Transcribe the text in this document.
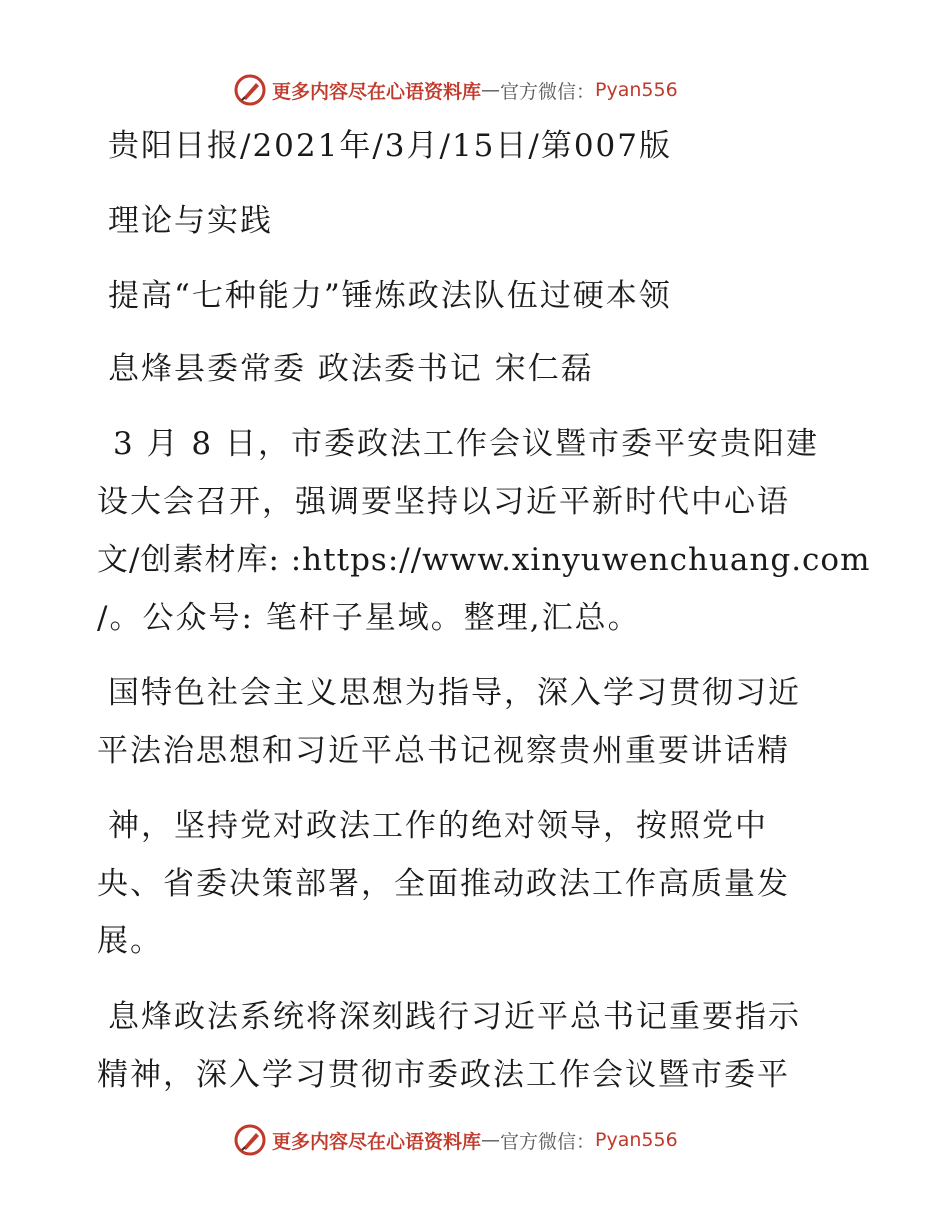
更多内容尽在心语资料库 — 官方微信： Pyan556
贵阳日报/2021年/3月/15日/第007版
理论与实践
提高“七种能力”锤炼政法队伍过硬本领
息烽县委常委 政法委书记 宋仁磊
3 月 8 日，市委政法工作会议暨市委平安贵阳建
设大会召开，强调要坚持以习近平新时代中心语
文/创素材库: :https://www.xinyuwenchuang.com
/。公众号: 笔杆子星域。整理,汇总。
国特色社会主义思想为指导，深入学习贯彻习近
平法治思想和习近平总书记视察贵州重要讲话精
神，坚持党对政法工作的绝对领导，按照党中
央、省委决策部署，全面推动政法工作高质量发
展。
息烽政法系统将深刻践行习近平总书记重要指示
精神，深入学习贯彻市委政法工作会议暨市委平
更多内容尽在心语资料库 — 官方微信： Pyan556
